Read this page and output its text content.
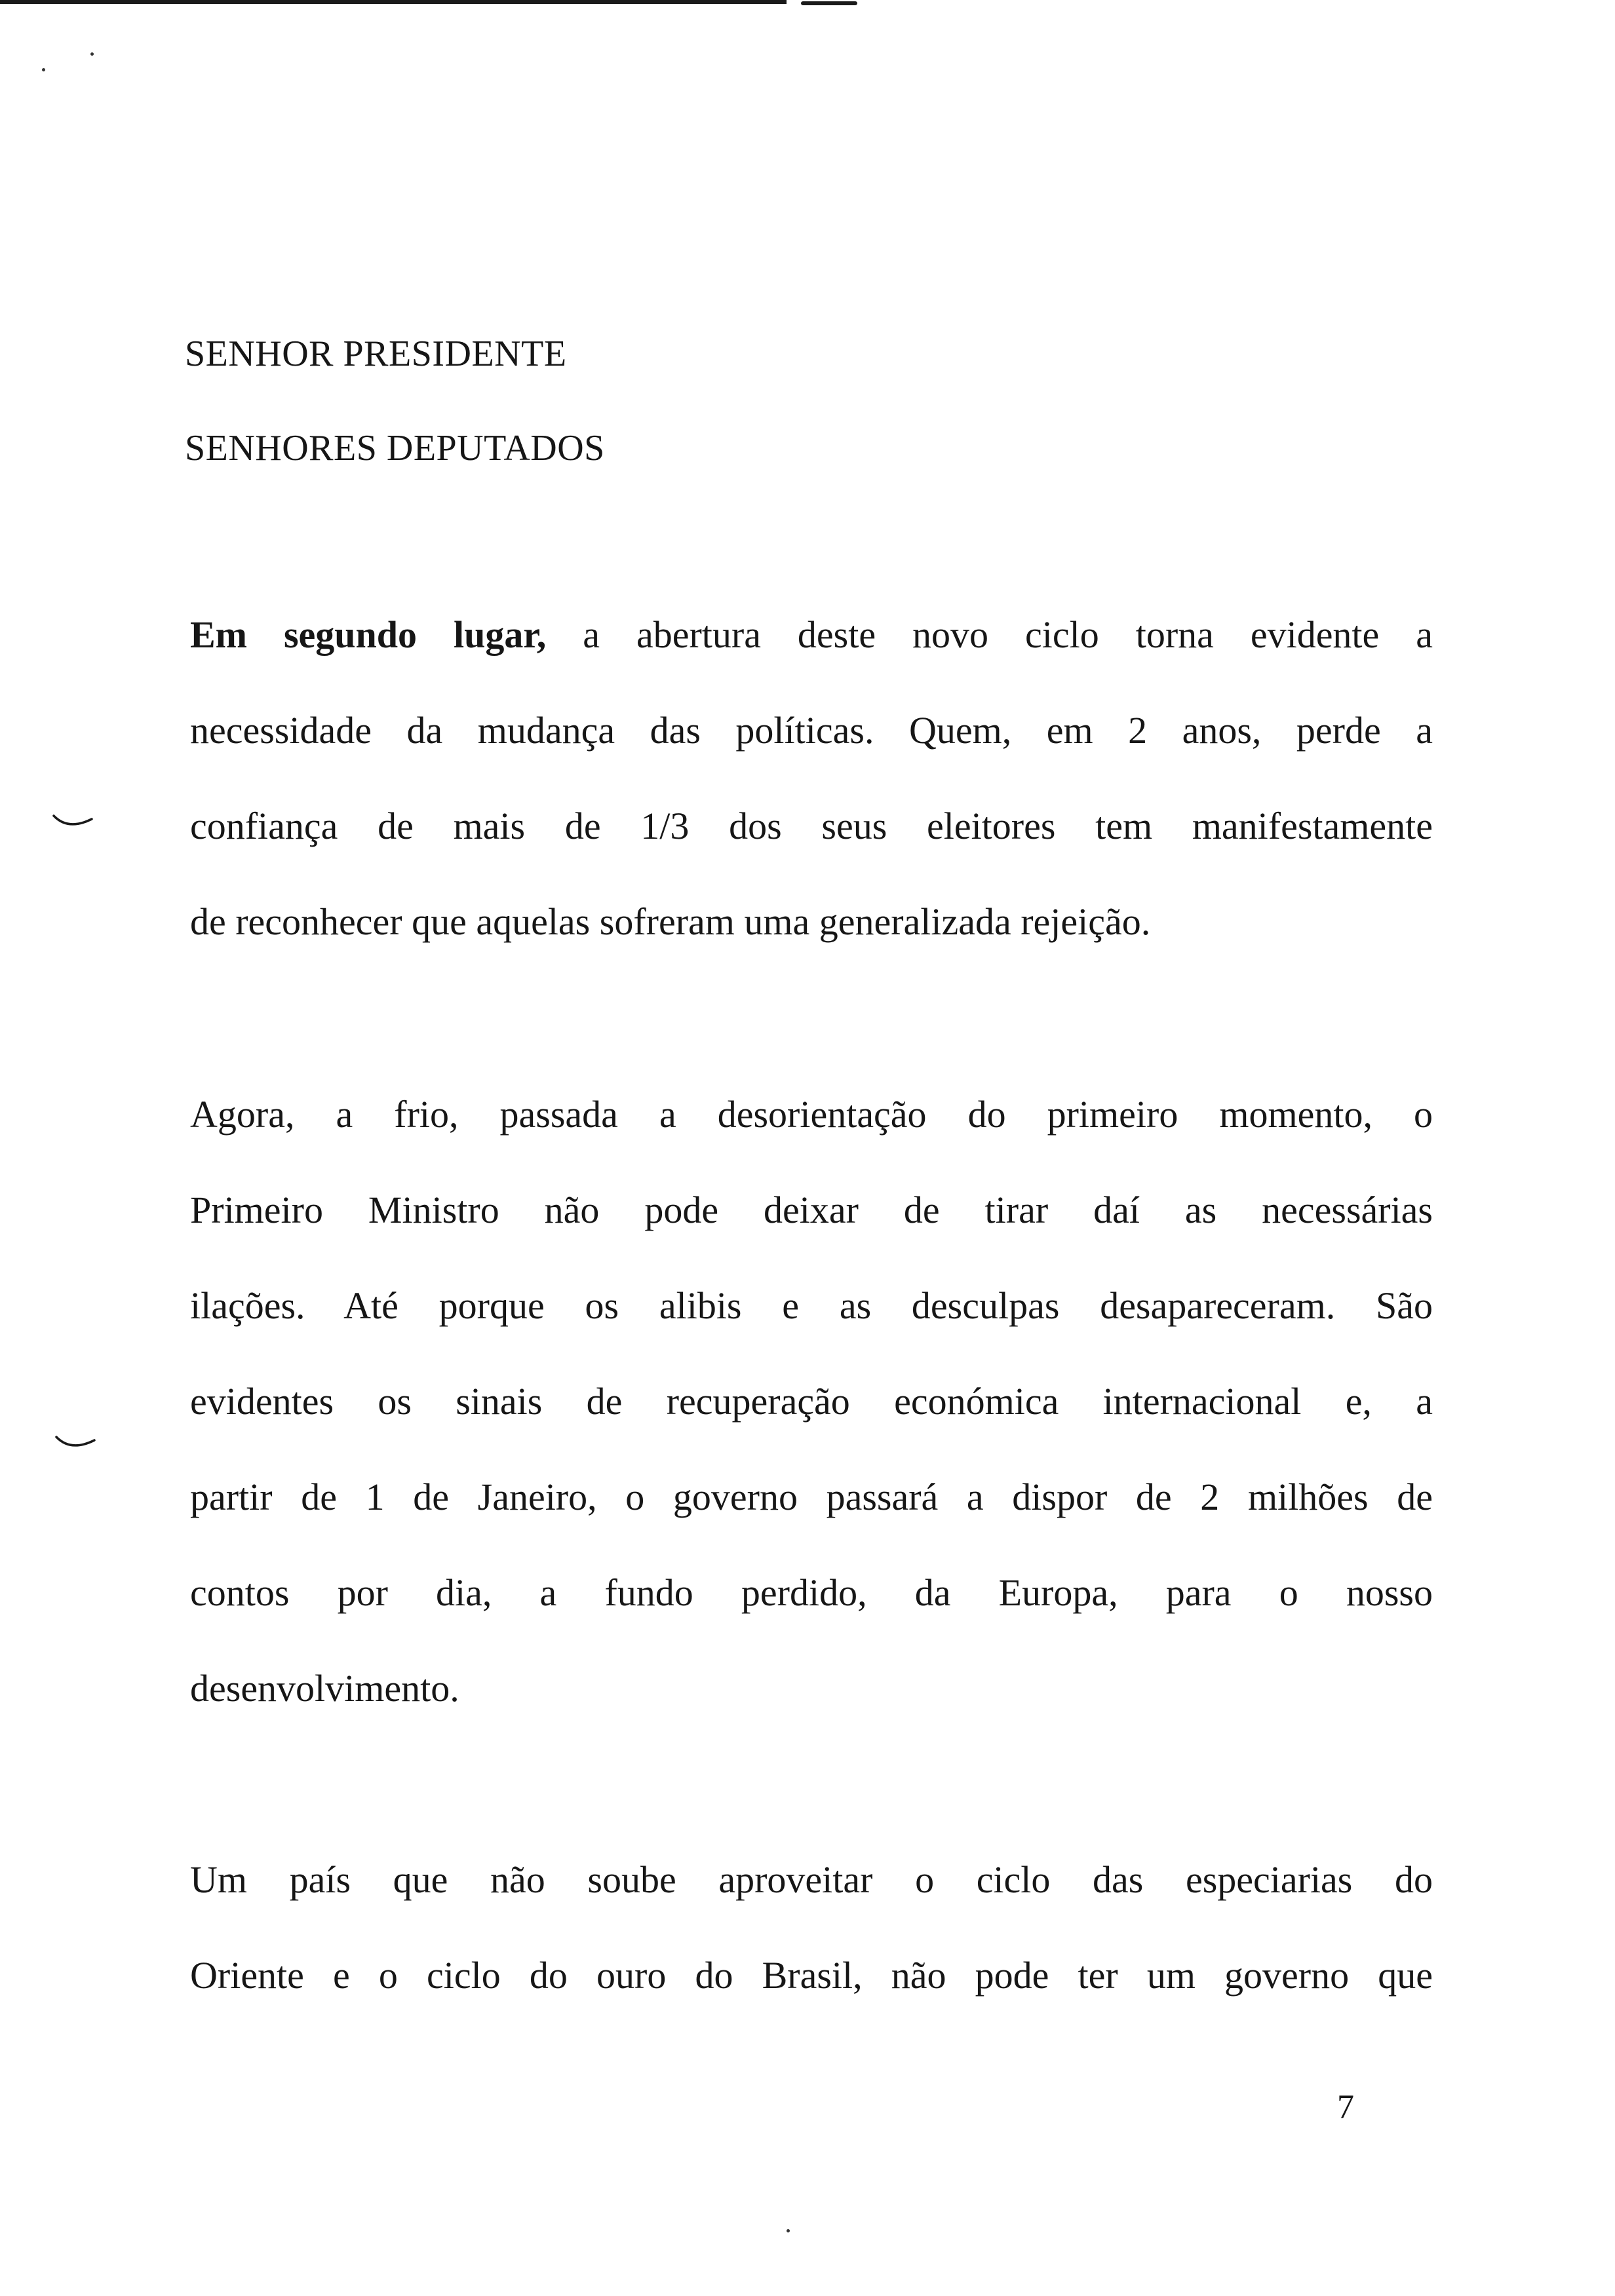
SENHOR PRESIDENTE
SENHORES DEPUTADOS
Em segundo lugar, a abertura deste novo ciclo torna evidente a
necessidade da mudança das políticas. Quem, em 2 anos, perde a
confiança de mais de 1/3 dos seus eleitores tem manifestamente
de reconhecer que aquelas sofreram uma generalizada rejeição.
Agora, a frio, passada a desorientação do primeiro momento, o
Primeiro Ministro não pode deixar de tirar daí as necessárias
ilações. Até porque os alibis e as desculpas desapareceram. São
evidentes os sinais de recuperação económica internacional e, a
partir de 1 de Janeiro, o governo passará a dispor de 2 milhões de
contos por dia, a fundo perdido, da Europa, para o nosso
desenvolvimento.
Um país que não soube aproveitar o ciclo das especiarias do
Oriente e o ciclo do ouro do Brasil, não pode ter um governo que
7
